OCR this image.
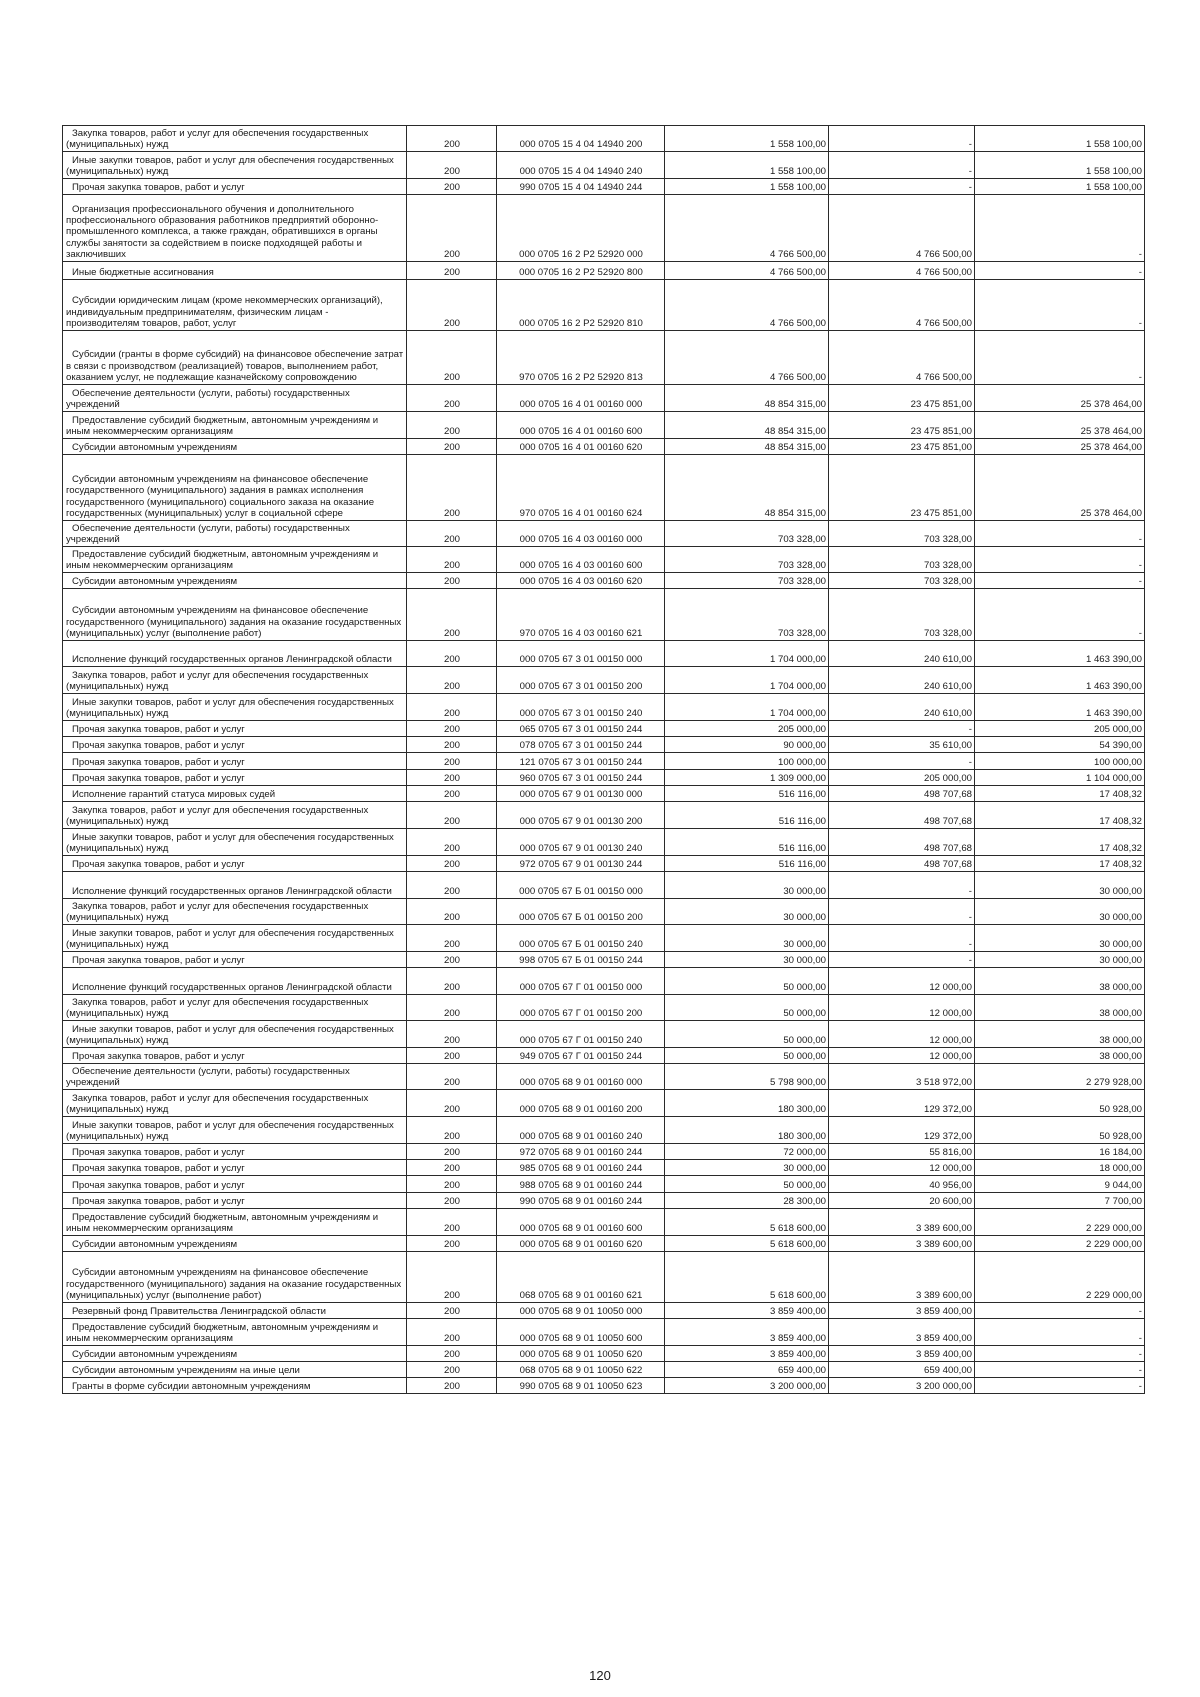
Закупка товаров, работ и услуг для обеспечения государственных (муниципальных) нужд	200	000 0705 15 4 04 14940 200	1 558 100,00	-	1 558 100,00
Иные закупки товаров, работ и услуг для обеспечения государственных (муниципальных) нужд	200	000 0705 15 4 04 14940 240	1 558 100,00	-	1 558 100,00
Прочая закупка товаров, работ и услуг	200	990 0705 15 4 04 14940 244	1 558 100,00	-	1 558 100,00
Организация профессионального обучения и дополнительного профессионального образования работников предприятий оборонно-промышленного комплекса, а также граждан, обратившихся в органы службы занятости за содействием в поиске подходящей работы и заключивших	200	000 0705 16 2 P2 52920 000	4 766 500,00	4 766 500,00	-
Иные бюджетные ассигнования	200	000 0705 16 2 P2 52920 800	4 766 500,00	4 766 500,00	-
Субсидии юридическим лицам (кроме некоммерческих организаций), индивидуальным предпринимателям, физическим лицам - производителям товаров, работ, услуг	200	000 0705 16 2 P2 52920 810	4 766 500,00	4 766 500,00	-
Субсидии (гранты в форме субсидий) на финансовое обеспечение затрат в связи с производством (реализацией) товаров, выполнением работ, оказанием услуг, не подлежащие казначейскому сопровождению	200	970 0705 16 2 P2 52920 813	4 766 500,00	4 766 500,00	-
Обеспечение деятельности (услуги, работы) государственных учреждений	200	000 0705 16 4 01 00160 000	48 854 315,00	23 475 851,00	25 378 464,00
Предоставление субсидий бюджетным, автономным учреждениям и иным некоммерческим организациям	200	000 0705 16 4 01 00160 600	48 854 315,00	23 475 851,00	25 378 464,00
Субсидии автономным учреждениям	200	000 0705 16 4 01 00160 620	48 854 315,00	23 475 851,00	25 378 464,00
Субсидии автономным учреждениям на финансовое обеспечение государственного (муниципального) задания в рамках исполнения государственного (муниципального) социального заказа на оказание государственных (муниципальных) услуг в социальной сфере	200	970 0705 16 4 01 00160 624	48 854 315,00	23 475 851,00	25 378 464,00
Обеспечение деятельности (услуги, работы) государственных учреждений	200	000 0705 16 4 03 00160 000	703 328,00	703 328,00	-
Предоставление субсидий бюджетным, автономным учреждениям и иным некоммерческим организациям	200	000 0705 16 4 03 00160 600	703 328,00	703 328,00	-
Субсидии автономным учреждениям	200	000 0705 16 4 03 00160 620	703 328,00	703 328,00	-
Субсидии автономным учреждениям на финансовое обеспечение государственного (муниципального) задания на оказание государственных (муниципальных) услуг (выполнение работ)	200	970 0705 16 4 03 00160 621	703 328,00	703 328,00	-
Исполнение функций государственных органов Ленинградской области	200	000 0705 67 3 01 00150 000	1 704 000,00	240 610,00	1 463 390,00
Закупка товаров, работ и услуг для обеспечения государственных (муниципальных) нужд	200	000 0705 67 3 01 00150 200	1 704 000,00	240 610,00	1 463 390,00
Иные закупки товаров, работ и услуг для обеспечения государственных (муниципальных) нужд	200	000 0705 67 3 01 00150 240	1 704 000,00	240 610,00	1 463 390,00
Прочая закупка товаров, работ и услуг	200	065 0705 67 3 01 00150 244	205 000,00	-	205 000,00
Прочая закупка товаров, работ и услуг	200	078 0705 67 3 01 00150 244	90 000,00	35 610,00	54 390,00
Прочая закупка товаров, работ и услуг	200	121 0705 67 3 01 00150 244	100 000,00	-	100 000,00
Прочая закупка товаров, работ и услуг	200	960 0705 67 3 01 00150 244	1 309 000,00	205 000,00	1 104 000,00
Исполнение гарантий статуса мировых судей	200	000 0705 67 9 01 00130 000	516 116,00	498 707,68	17 408,32
Закупка товаров, работ и услуг для обеспечения государственных (муниципальных) нужд	200	000 0705 67 9 01 00130 200	516 116,00	498 707,68	17 408,32
Иные закупки товаров, работ и услуг для обеспечения государственных (муниципальных) нужд	200	000 0705 67 9 01 00130 240	516 116,00	498 707,68	17 408,32
Прочая закупка товаров, работ и услуг	200	972 0705 67 9 01 00130 244	516 116,00	498 707,68	17 408,32
Исполнение функций государственных органов Ленинградской области	200	000 0705 67 Б 01 00150 000	30 000,00	-	30 000,00
Закупка товаров, работ и услуг для обеспечения государственных (муниципальных) нужд	200	000 0705 67 Б 01 00150 200	30 000,00	-	30 000,00
Иные закупки товаров, работ и услуг для обеспечения государственных (муниципальных) нужд	200	000 0705 67 Б 01 00150 240	30 000,00	-	30 000,00
Прочая закупка товаров, работ и услуг	200	998 0705 67 Б 01 00150 244	30 000,00	-	30 000,00
Исполнение функций государственных органов Ленинградской области	200	000 0705 67 Г 01 00150 000	50 000,00	12 000,00	38 000,00
Закупка товаров, работ и услуг для обеспечения государственных (муниципальных) нужд	200	000 0705 67 Г 01 00150 200	50 000,00	12 000,00	38 000,00
Иные закупки товаров, работ и услуг для обеспечения государственных (муниципальных) нужд	200	000 0705 67 Г 01 00150 240	50 000,00	12 000,00	38 000,00
Прочая закупка товаров, работ и услуг	200	949 0705 67 Г 01 00150 244	50 000,00	12 000,00	38 000,00
Обеспечение деятельности (услуги, работы) государственных учреждений	200	000 0705 68 9 01 00160 000	5 798 900,00	3 518 972,00	2 279 928,00
Закупка товаров, работ и услуг для обеспечения государственных (муниципальных) нужд	200	000 0705 68 9 01 00160 200	180 300,00	129 372,00	50 928,00
Иные закупки товаров, работ и услуг для обеспечения государственных (муниципальных) нужд	200	000 0705 68 9 01 00160 240	180 300,00	129 372,00	50 928,00
Прочая закупка товаров, работ и услуг	200	972 0705 68 9 01 00160 244	72 000,00	55 816,00	16 184,00
Прочая закупка товаров, работ и услуг	200	985 0705 68 9 01 00160 244	30 000,00	12 000,00	18 000,00
Прочая закупка товаров, работ и услуг	200	988 0705 68 9 01 00160 244	50 000,00	40 956,00	9 044,00
Прочая закупка товаров, работ и услуг	200	990 0705 68 9 01 00160 244	28 300,00	20 600,00	7 700,00
Предоставление субсидий бюджетным, автономным учреждениям и иным некоммерческим организациям	200	000 0705 68 9 01 00160 600	5 618 600,00	3 389 600,00	2 229 000,00
Субсидии автономным учреждениям	200	000 0705 68 9 01 00160 620	5 618 600,00	3 389 600,00	2 229 000,00
Субсидии автономным учреждениям на финансовое обеспечение государственного (муниципального) задания на оказание государственных (муниципальных) услуг (выполнение работ)	200	068 0705 68 9 01 00160 621	5 618 600,00	3 389 600,00	2 229 000,00
Резервный фонд Правительства Ленинградской области	200	000 0705 68 9 01 10050 000	3 859 400,00	3 859 400,00	-
Предоставление субсидий бюджетным, автономным учреждениям и иным некоммерческим организациям	200	000 0705 68 9 01 10050 600	3 859 400,00	3 859 400,00	-
Субсидии автономным учреждениям	200	000 0705 68 9 01 10050 620	3 859 400,00	3 859 400,00	-
Субсидии автономным учреждениям на иные цели	200	068 0705 68 9 01 10050 622	659 400,00	659 400,00	-
Гранты в форме субсидии автономным учреждениям	200	990 0705 68 9 01 10050 623	3 200 000,00	3 200 000,00	-
120
